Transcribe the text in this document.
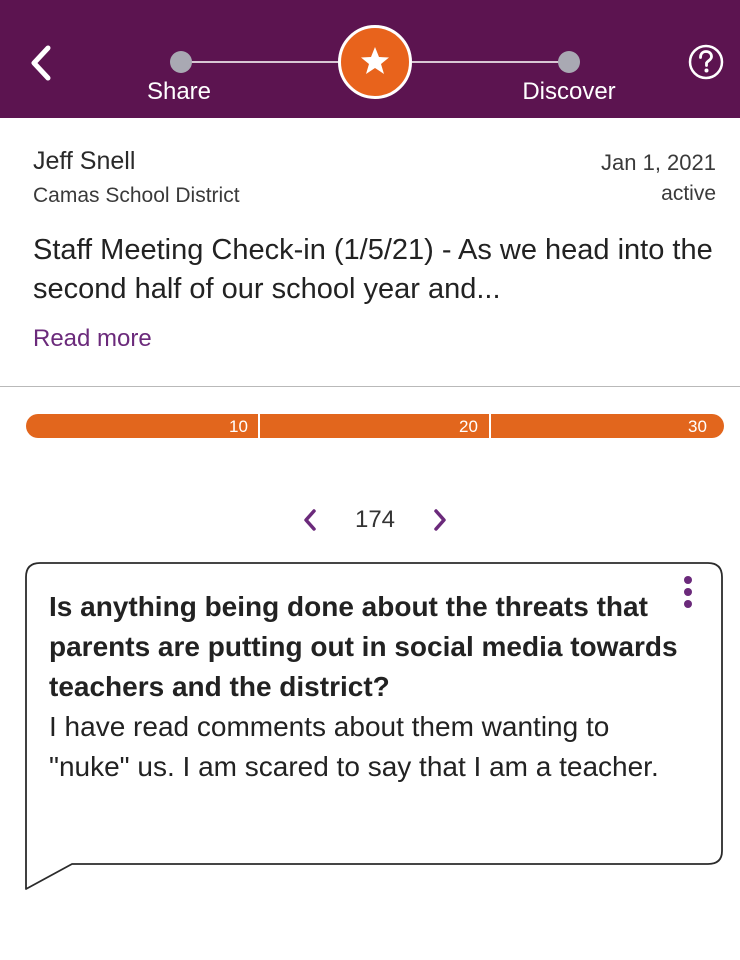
Share	Discover
Jeff Snell
Camas School District
Jan 1, 2021
active
Staff Meeting Check-in (1/5/21) - As we head into the second half of our school year and...
Read more
10	20	30
174
Is anything being done about the threats that parents are putting out in social media towards teachers and the district?
I have read comments about them wanting to "nuke" us. I am scared to say that I am a teacher.
